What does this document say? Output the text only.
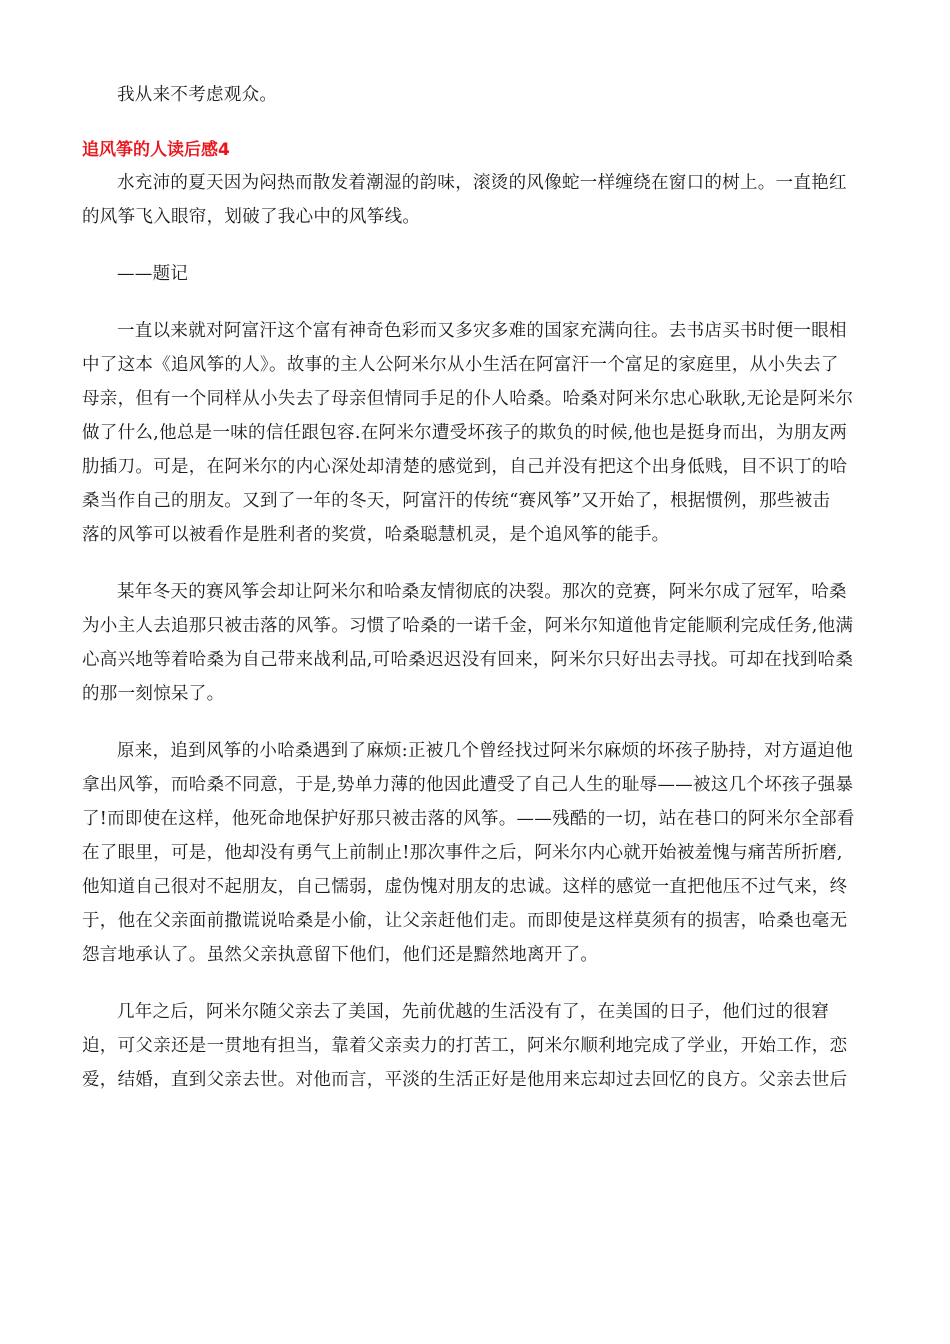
我从来不考虑观众。
追风筝的人读后感4
水充沛的夏天因为闷热而散发着潮湿的韵味，滚烫的风像蛇一样缠绕在窗口的树上。一直艳红
的风筝飞入眼帘，划破了我心中的风筝线。
——题记
一直以来就对阿富汗这个富有神奇色彩而又多灾多难的国家充满向往。去书店买书时便一眼相
中了这本《追风筝的人》。故事的主人公阿米尔从小生活在阿富汗一个富足的家庭里，从小失去了
母亲，但有一个同样从小失去了母亲但情同手足的仆人哈桑。哈桑对阿米尔忠心耿耿,无论是阿米尔
做了什么,他总是一味的信任跟包容.在阿米尔遭受坏孩子的欺负的时候,他也是挺身而出，为朋友两
肋插刀。可是，在阿米尔的内心深处却清楚的感觉到，自己并没有把这个出身低贱，目不识丁的哈
桑当作自己的朋友。又到了一年的冬天，阿富汗的传统“赛风筝”又开始了，根据惯例，那些被击
落的风筝可以被看作是胜利者的奖赏，哈桑聪慧机灵，是个追风筝的能手。
某年冬天的赛风筝会却让阿米尔和哈桑友情彻底的决裂。那次的竞赛，阿米尔成了冠军，哈桑
为小主人去追那只被击落的风筝。习惯了哈桑的一诺千金，阿米尔知道他肯定能顺利完成任务,他满
心高兴地等着哈桑为自己带来战利品,可哈桑迟迟没有回来，阿米尔只好出去寻找。可却在找到哈桑
的那一刻惊呆了。
原来，追到风筝的小哈桑遇到了麻烦:正被几个曾经找过阿米尔麻烦的坏孩子胁持，对方逼迫他
拿出风筝，而哈桑不同意，于是,势单力薄的他因此遭受了自己人生的耻辱——被这几个坏孩子强暴
了!而即使在这样，他死命地保护好那只被击落的风筝。——残酷的一切，站在巷口的阿米尔全部看
在了眼里，可是，他却没有勇气上前制止!那次事件之后，阿米尔内心就开始被羞愧与痛苦所折磨,
他知道自己很对不起朋友，自己懦弱，虚伪愧对朋友的忠诚。这样的感觉一直把他压不过气来，终
于，他在父亲面前撒谎说哈桑是小偷，让父亲赶他们走。而即使是这样莫须有的损害，哈桑也毫无
怨言地承认了。虽然父亲执意留下他们，他们还是黯然地离开了。
几年之后，阿米尔随父亲去了美国，先前优越的生活没有了，在美国的日子，他们过的很窘
迫，可父亲还是一贯地有担当，靠着父亲卖力的打苦工，阿米尔顺利地完成了学业，开始工作，恋
爱，结婚，直到父亲去世。对他而言，平淡的生活正好是他用来忘却过去回忆的良方。父亲去世后
